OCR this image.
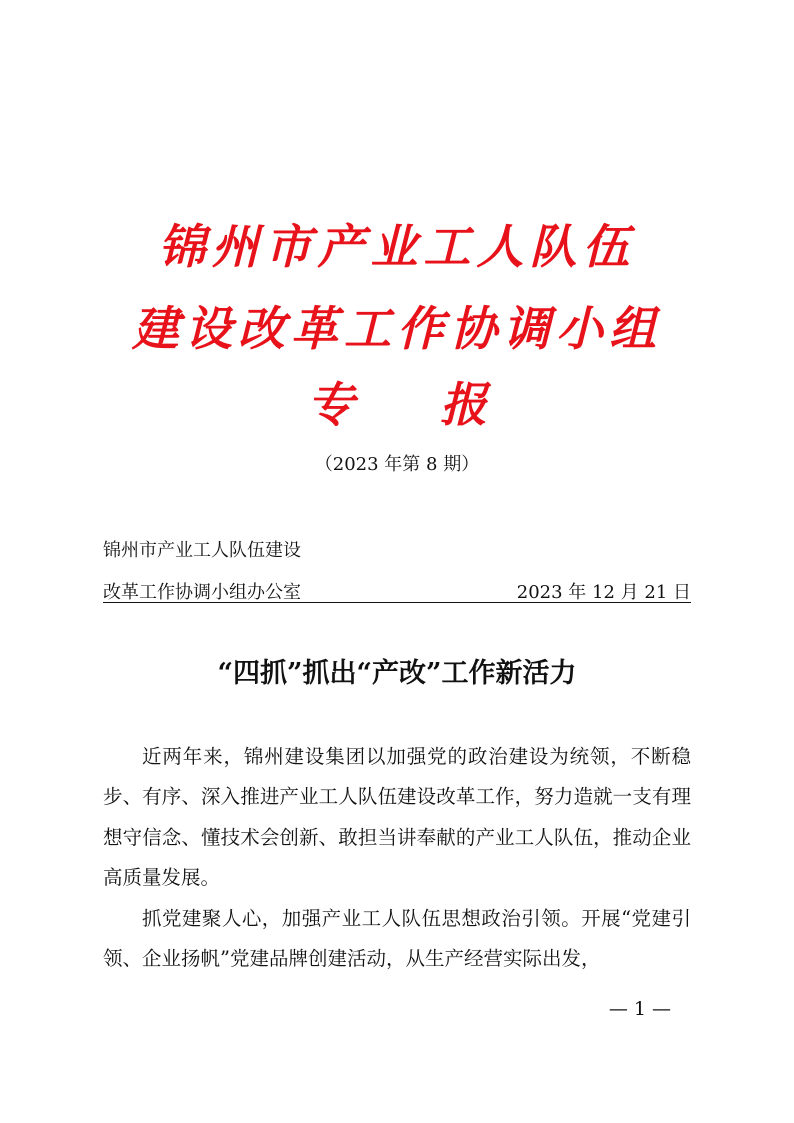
锦州市产业工人队伍
建设改革工作协调小组
专 报
（2023 年第 8 期）
锦州市产业工人队伍建设
改革工作协调小组办公室	2023 年 12 月 21 日
“四抓”抓出“产改”工作新活力

近两年来，锦州建设集团以加强党的政治建设为统领，不断稳步、有序、深入推进产业工人队伍建设改革工作，努力造就一支有理想守信念、懂技术会创新、敢担当讲奉献的产业工人队伍，推动企业高质量发展。

抓党建聚人心，加强产业工人队伍思想政治引领。开展“党建引领、企业扬帆”党建品牌创建活动，从生产经营实际出发，

— 1 —
